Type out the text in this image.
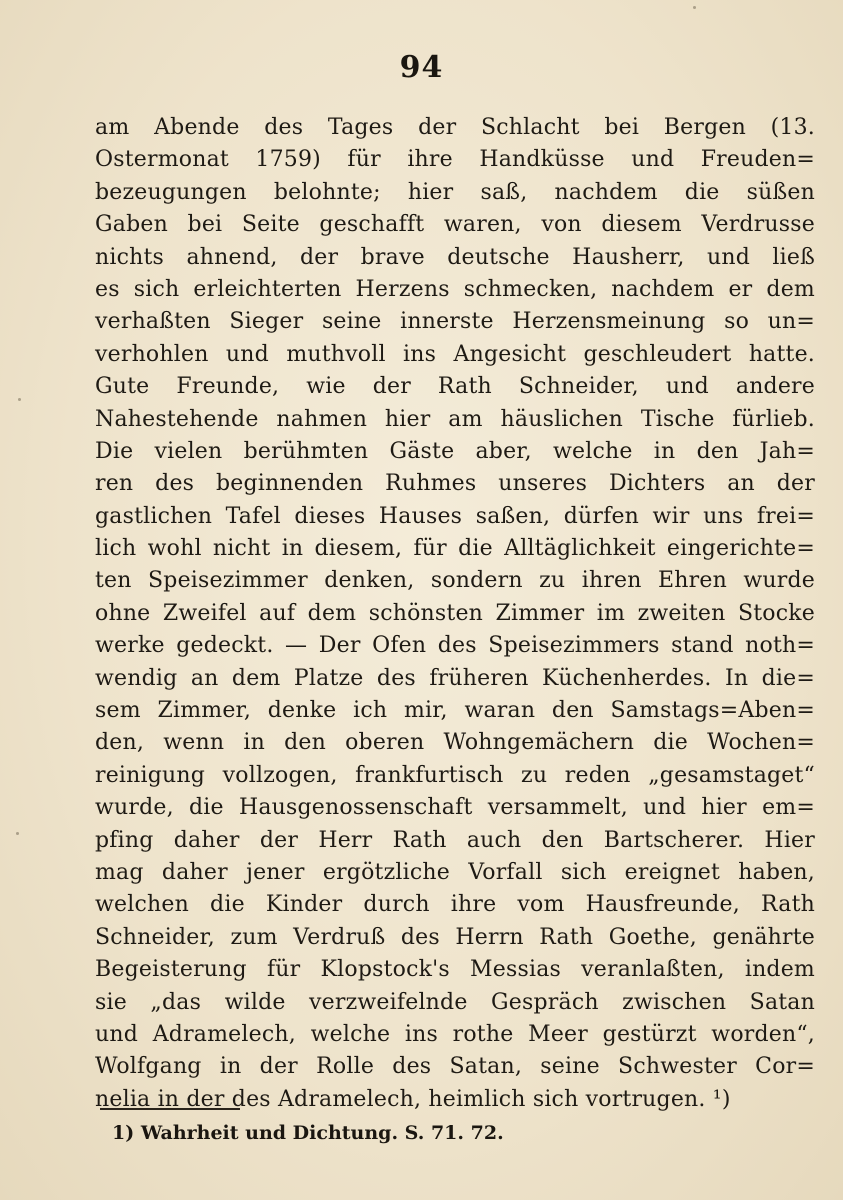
94
am Abende des Tages der Schlacht bei Bergen (13.
Ostermonat 1759) für ihre Handküsse und Freuden=
bezeugungen belohnte; hier saß, nachdem die süßen
Gaben bei Seite geschafft waren, von diesem Verdrusse
nichts ahnend, der brave deutsche Hausherr, und ließ
es sich erleichterten Herzens schmecken, nachdem er dem
verhaßten Sieger seine innerste Herzensmeinung so un=
verhohlen und muthvoll ins Angesicht geschleudert hatte.
Gute Freunde, wie der Rath Schneider, und andere
Nahestehende nahmen hier am häuslichen Tische fürlieb.
Die vielen berühmten Gäste aber, welche in den Jah=
ren des beginnenden Ruhmes unseres Dichters an der
gastlichen Tafel dieses Hauses saßen, dürfen wir uns frei=
lich wohl nicht in diesem, für die Alltäglichkeit eingerichte=
ten Speisezimmer denken, sondern zu ihren Ehren wurde
ohne Zweifel auf dem schönsten Zimmer im zweiten Stocke
werke gedeckt. — Der Ofen des Speisezimmers stand noth=
wendig an dem Platze des früheren Küchenherdes. In die=
sem Zimmer, denke ich mir, waran den Samstags=Aben=
den, wenn in den oberen Wohngemächern die Wochen=
reinigung vollzogen, frankfurtisch zu reden „gesamstaget“
wurde, die Hausgenossenschaft versammelt, und hier em=
pfing daher der Herr Rath auch den Bartscherer. Hier
mag daher jener ergötzliche Vorfall sich ereignet haben,
welchen die Kinder durch ihre vom Hausfreunde, Rath
Schneider, zum Verdruß des Herrn Rath Goethe, genährte
Begeisterung für Klopstock's Messias veranlaßten, indem
sie „das wilde verzweifelnde Gespräch zwischen Satan
und Adramelech, welche ins rothe Meer gestürzt worden“,
Wolfgang in der Rolle des Satan, seine Schwester Cor=
nelia in der des Adramelech, heimlich sich vortrugen. ¹)
1) Wahrheit und Dichtung. S. 71. 72.
